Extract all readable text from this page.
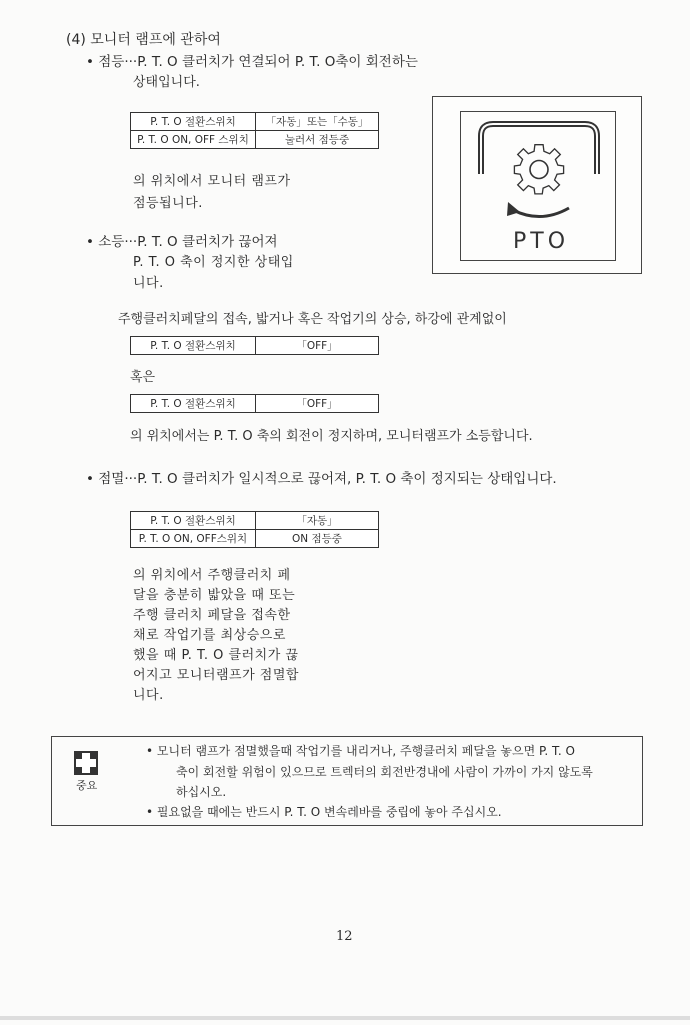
(4) 모니터 램프에 관하여
• 점등···P. T. O 클러치가 연결되어 P. T. O축이 회전하는
상태입니다.
P. T. O 절환스위치	「자동」또는「수동」
P. T. O ON, OFF 스위치	눌러서 점등중
의 위치에서 모니터 램프가
점등됩니다.
PTO
• 소등···P. T. O 클러치가 끊어져
P. T. O 축이 정지한 상태입
니다.
주행클러치페달의 접속, 밟거나 혹은 작업기의 상승, 하강에 관계없이
P. T. O 절환스위치	「OFF」
혹은
P. T. O 절환스위치	「OFF」
의 위치에서는 P. T. O 축의 회전이 정지하며, 모니터램프가 소등합니다.
• 점멸···P. T. O 클러치가 일시적으로 끊어져, P. T. O 축이 정지되는 상태입니다.
P. T. O 절환스위치	「자동」
P. T. O ON, OFF스위치	ON 점등중
의 위치에서 주행클러치 페
달을 충분히 밟았을 때 또는
주행 클러치 페달을 접속한
채로 작업기를 최상승으로
했을 때 P. T. O 클러치가 끊
어지고 모니터램프가 점멸합
니다.
중요
• 모니터 램프가 점멸했을때 작업기를 내리거나, 주행클러치 페달을 놓으면 P. T. O
축이 회전할 위험이 있으므로 트렉터의 회전반경내에 사람이 가까이 가지 않도록
하십시오.
• 필요없을 때에는 반드시 P. T. O 변속레바를 중립에 놓아 주십시오.
12
